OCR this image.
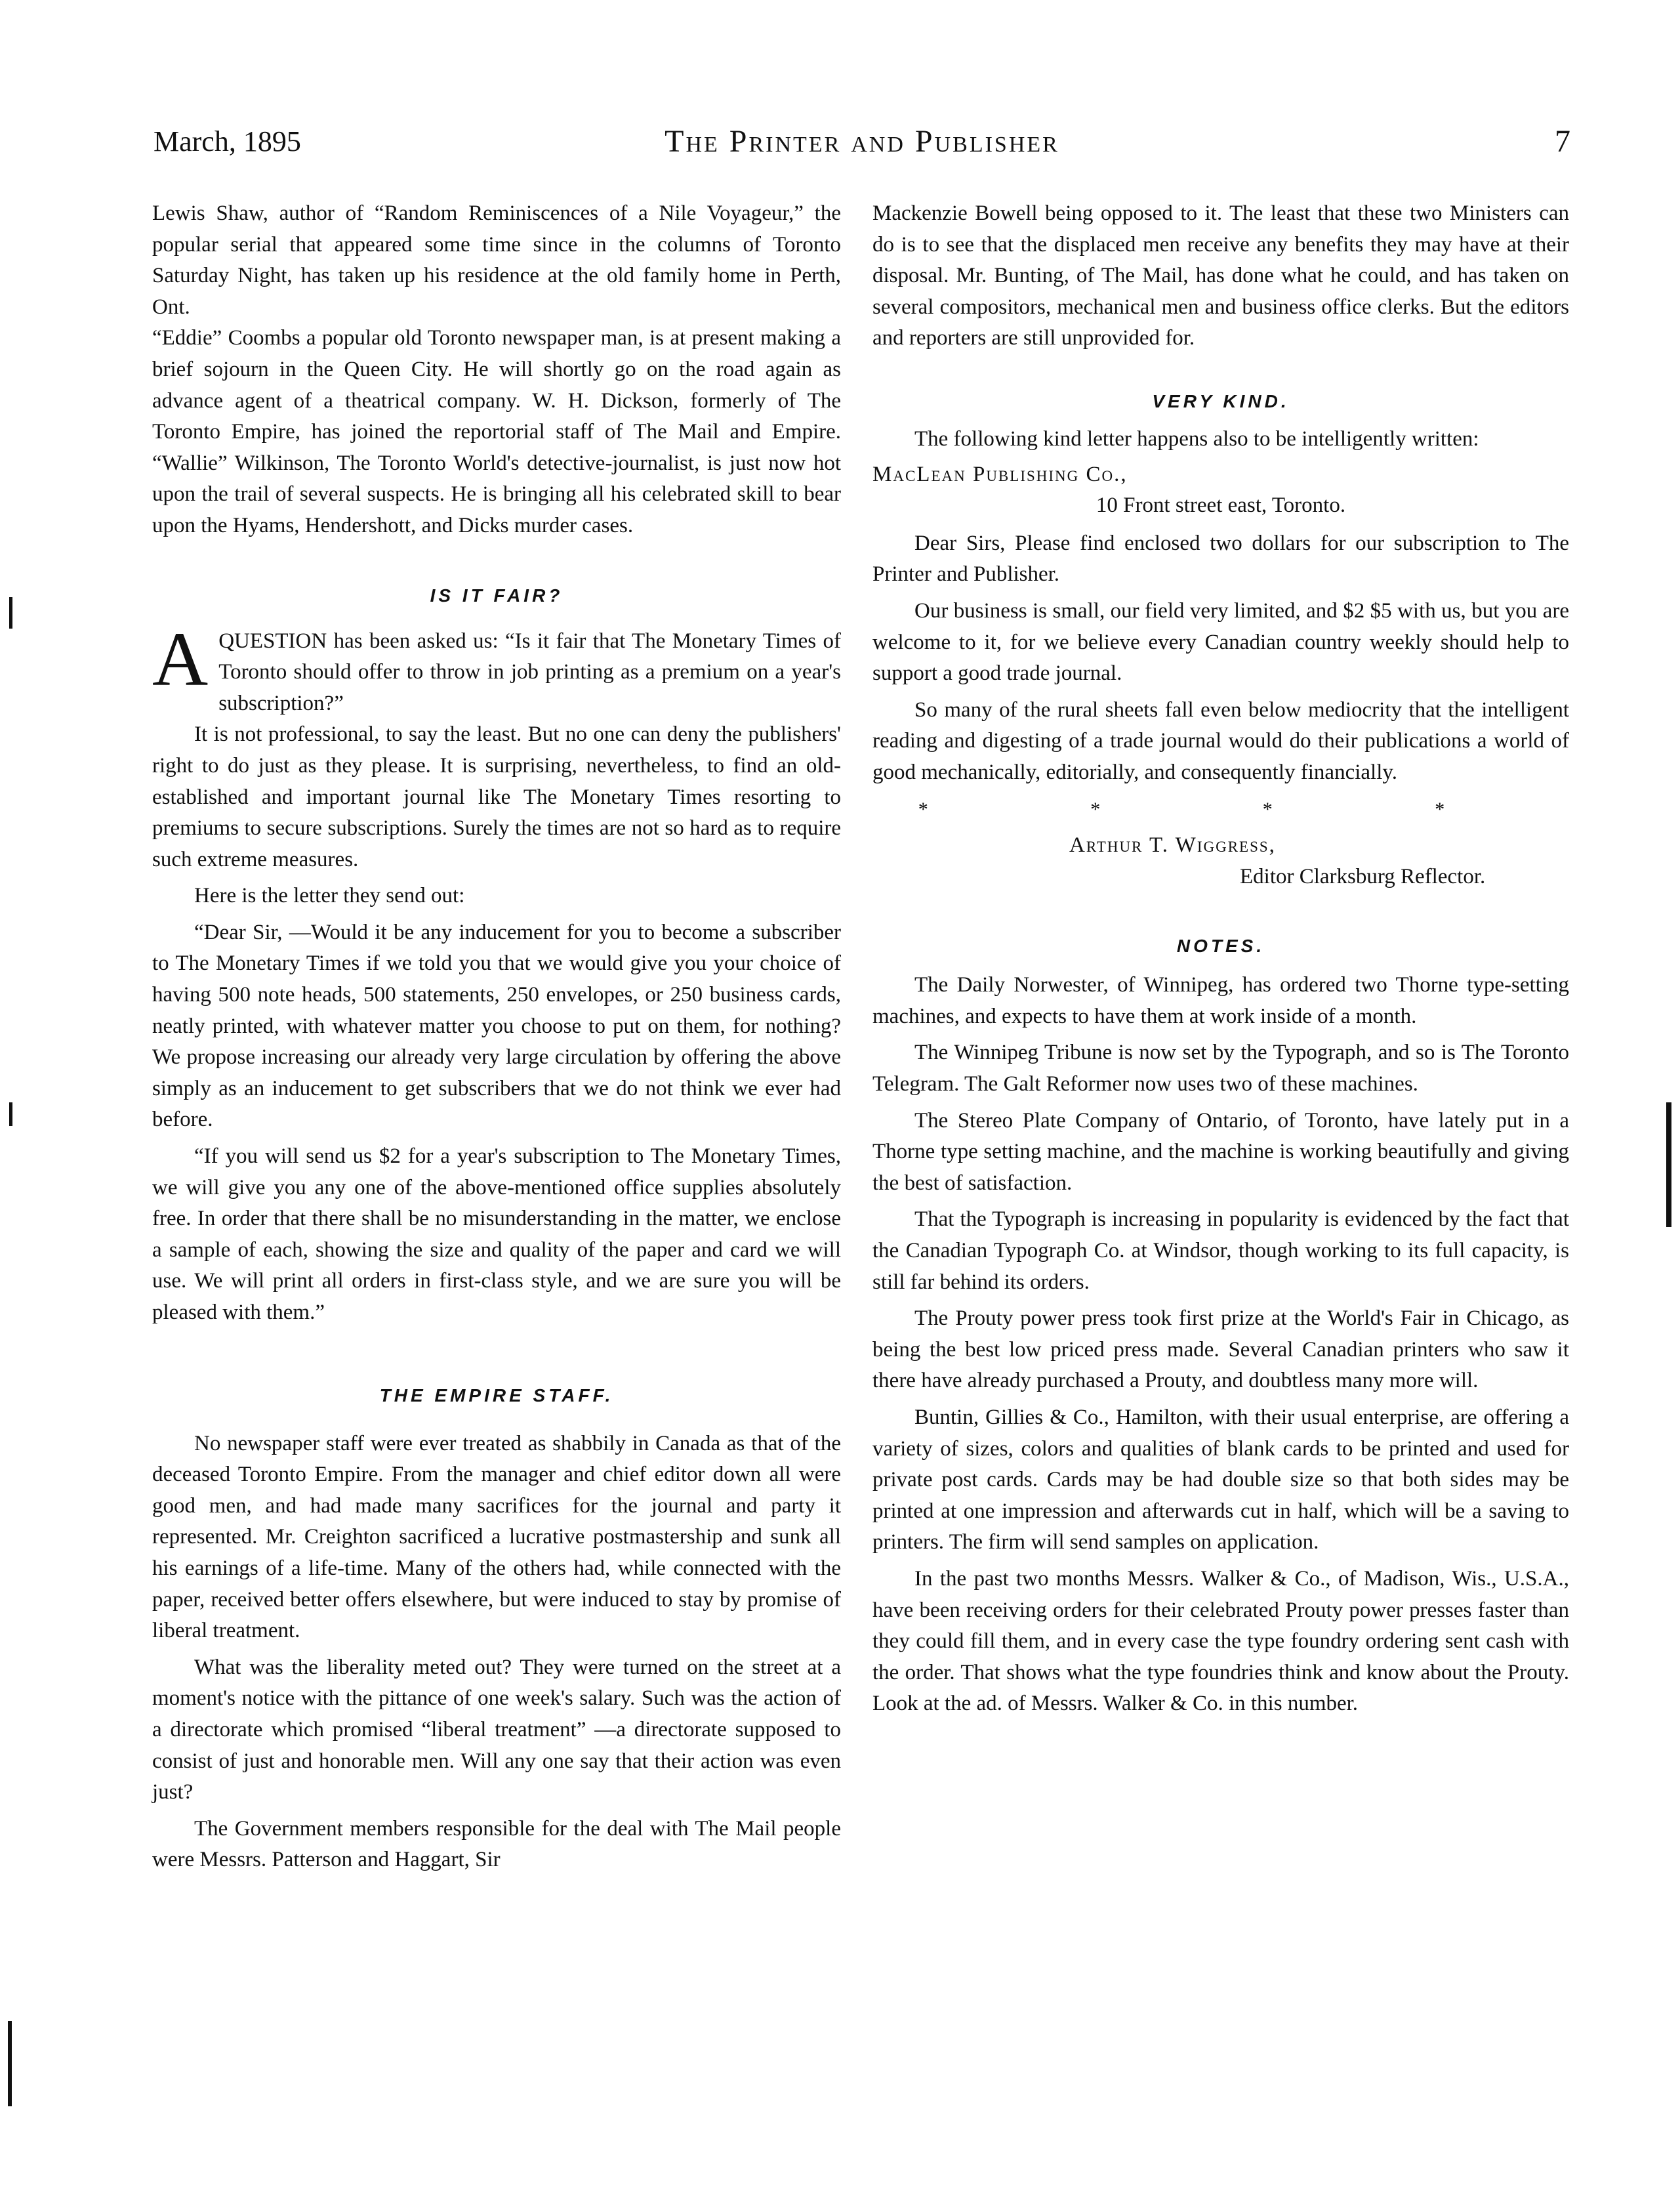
March, 1895	The Printer and Publisher	7

Lewis Shaw, author of “Random Reminiscences of a Nile Voyageur,” the popular serial that appeared some time since in the columns of Toronto Saturday Night, has taken up his residence at the old family home in Perth, Ont.

“Eddie” Coombs a popular old Toronto newspaper man, is at present making a brief sojourn in the Queen City. He will shortly go on the road again as advance agent of a theatrical company. W. H. Dickson, formerly of The Toronto Empire, has joined the reportorial staff of The Mail and Empire. “Wallie” Wilkinson, The Toronto World's detective-journalist, is just now hot upon the trail of several suspects. He is bringing all his celebrated skill to bear upon the Hyams, Hendershott, and Dicks murder cases.

IS IT FAIR?

AQUESTION has been asked us: “Is it fair that The Monetary Times of Toronto should offer to throw in job printing as a premium on a year's subscription?”

It is not professional, to say the least. But no one can deny the publishers' right to do just as they please. It is surprising, nevertheless, to find an old-established and important journal like The Monetary Times resorting to premiums to secure subscriptions. Surely the times are not so hard as to require such extreme measures.

Here is the letter they send out:

“Dear Sir, —Would it be any inducement for you to become a subscriber to The Monetary Times if we told you that we would give you your choice of having 500 note heads, 500 statements, 250 envelopes, or 250 business cards, neatly printed, with whatever matter you choose to put on them, for nothing? We propose increasing our already very large circulation by offering the above simply as an inducement to get subscribers that we do not think we ever had before.

“If you will send us $2 for a year's subscription to The Monetary Times, we will give you any one of the above-mentioned office supplies absolutely free. In order that there shall be no misunderstanding in the matter, we enclose a sample of each, showing the size and quality of the paper and card we will use. We will print all orders in first-class style, and we are sure you will be pleased with them.”

THE EMPIRE STAFF.

No newspaper staff were ever treated as shabbily in Canada as that of the deceased Toronto Empire. From the manager and chief editor down all were good men, and had made many sacrifices for the journal and party it represented. Mr. Creighton sacrificed a lucrative postmastership and sunk all his earnings of a life-time. Many of the others had, while connected with the paper, received better offers elsewhere, but were induced to stay by promise of liberal treatment.

What was the liberality meted out? They were turned on the street at a moment's notice with the pittance of one week's salary. Such was the action of a directorate which promised “liberal treatment” —a directorate supposed to consist of just and honorable men. Will any one say that their action was even just?

The Government members responsible for the deal with The Mail people were Messrs. Patterson and Haggart, Sir

Mackenzie Bowell being opposed to it. The least that these two Ministers can do is to see that the displaced men receive any benefits they may have at their disposal. Mr. Bunting, of The Mail, has done what he could, and has taken on several compositors, mechanical men and business office clerks. But the editors and reporters are still unprovided for.

VERY KIND.

The following kind letter happens also to be intelligently written:

MacLean Publishing Co.,

10 Front street east, Toronto.

Dear Sirs, Please find enclosed two dollars for our subscription to The Printer and Publisher.

Our business is small, our field very limited, and $2 $5 with us, but you are welcome to it, for we believe every Canadian country weekly should help to support a good trade journal.

So many of the rural sheets fall even below mediocrity that the intelligent reading and digesting of a trade journal would do their publications a world of good mechanically, editorially, and consequently financially.

* * * *

Arthur T. Wiggress,

Editor Clarksburg Reflector.

NOTES.

The Daily Norwester, of Winnipeg, has ordered two Thorne type-setting machines, and expects to have them at work inside of a month.

The Winnipeg Tribune is now set by the Typograph, and so is The Toronto Telegram. The Galt Reformer now uses two of these machines.

The Stereo Plate Company of Ontario, of Toronto, have lately put in a Thorne type setting machine, and the machine is working beautifully and giving the best of satisfaction.

That the Typograph is increasing in popularity is evidenced by the fact that the Canadian Typograph Co. at Windsor, though working to its full capacity, is still far behind its orders.

The Prouty power press took first prize at the World's Fair in Chicago, as being the best low priced press made. Several Canadian printers who saw it there have already purchased a Prouty, and doubtless many more will.

Buntin, Gillies & Co., Hamilton, with their usual enterprise, are offering a variety of sizes, colors and qualities of blank cards to be printed and used for private post cards. Cards may be had double size so that both sides may be printed at one impression and afterwards cut in half, which will be a saving to printers. The firm will send samples on application.

In the past two months Messrs. Walker & Co., of Madison, Wis., U.S.A., have been receiving orders for their celebrated Prouty power presses faster than they could fill them, and in every case the type foundry ordering sent cash with the order. That shows what the type foundries think and know about the Prouty. Look at the ad. of Messrs. Walker & Co. in this number.
